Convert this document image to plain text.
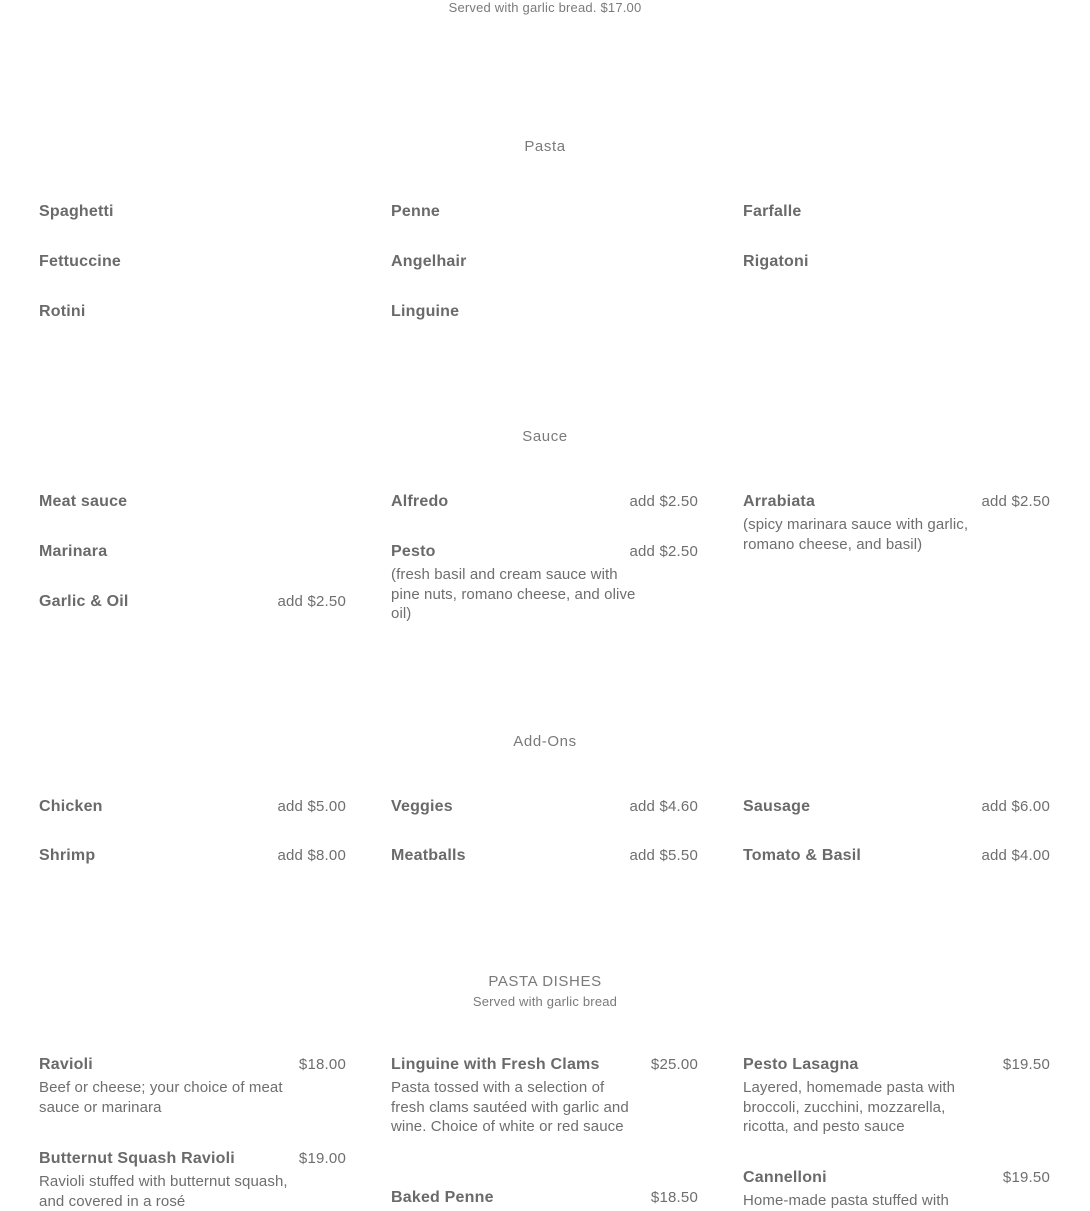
Served with garlic bread. $17.00
Pasta
Spaghetti	Penne	Farfalle
Fettuccine	Angelhair	Rigatoni
Rotini	Linguine
Sauce
Meat sauce
Marinara
Garlic & Oil	add $2.50
Alfredo	add $2.50
Pesto	add $2.50
(fresh basil and cream sauce with pine nuts, romano cheese, and olive oil)
Arrabiata	add $2.50
(spicy marinara sauce with garlic, romano cheese, and basil)
Add-Ons
Chicken	add $5.00
Shrimp	add $8.00
Veggies	add $4.60
Meatballs	add $5.50
Sausage	add $6.00
Tomato & Basil	add $4.00
PASTA DISHES
Served with garlic bread
Ravioli	$18.00
Beef or cheese; your choice of meat sauce or marinara
Butternut Squash Ravioli	$19.00
Ravioli stuffed with butternut squash, and covered in a rosé
Linguine with Fresh Clams	$25.00
Pasta tossed with a selection of fresh clams sautéed with garlic and wine. Choice of white or red sauce
Baked Penne	$18.50
Pesto Lasagna	$19.50
Layered, homemade pasta with broccoli, zucchini, mozzarella, ricotta, and pesto sauce
Cannelloni	$19.50
Home-made pasta stuffed with
